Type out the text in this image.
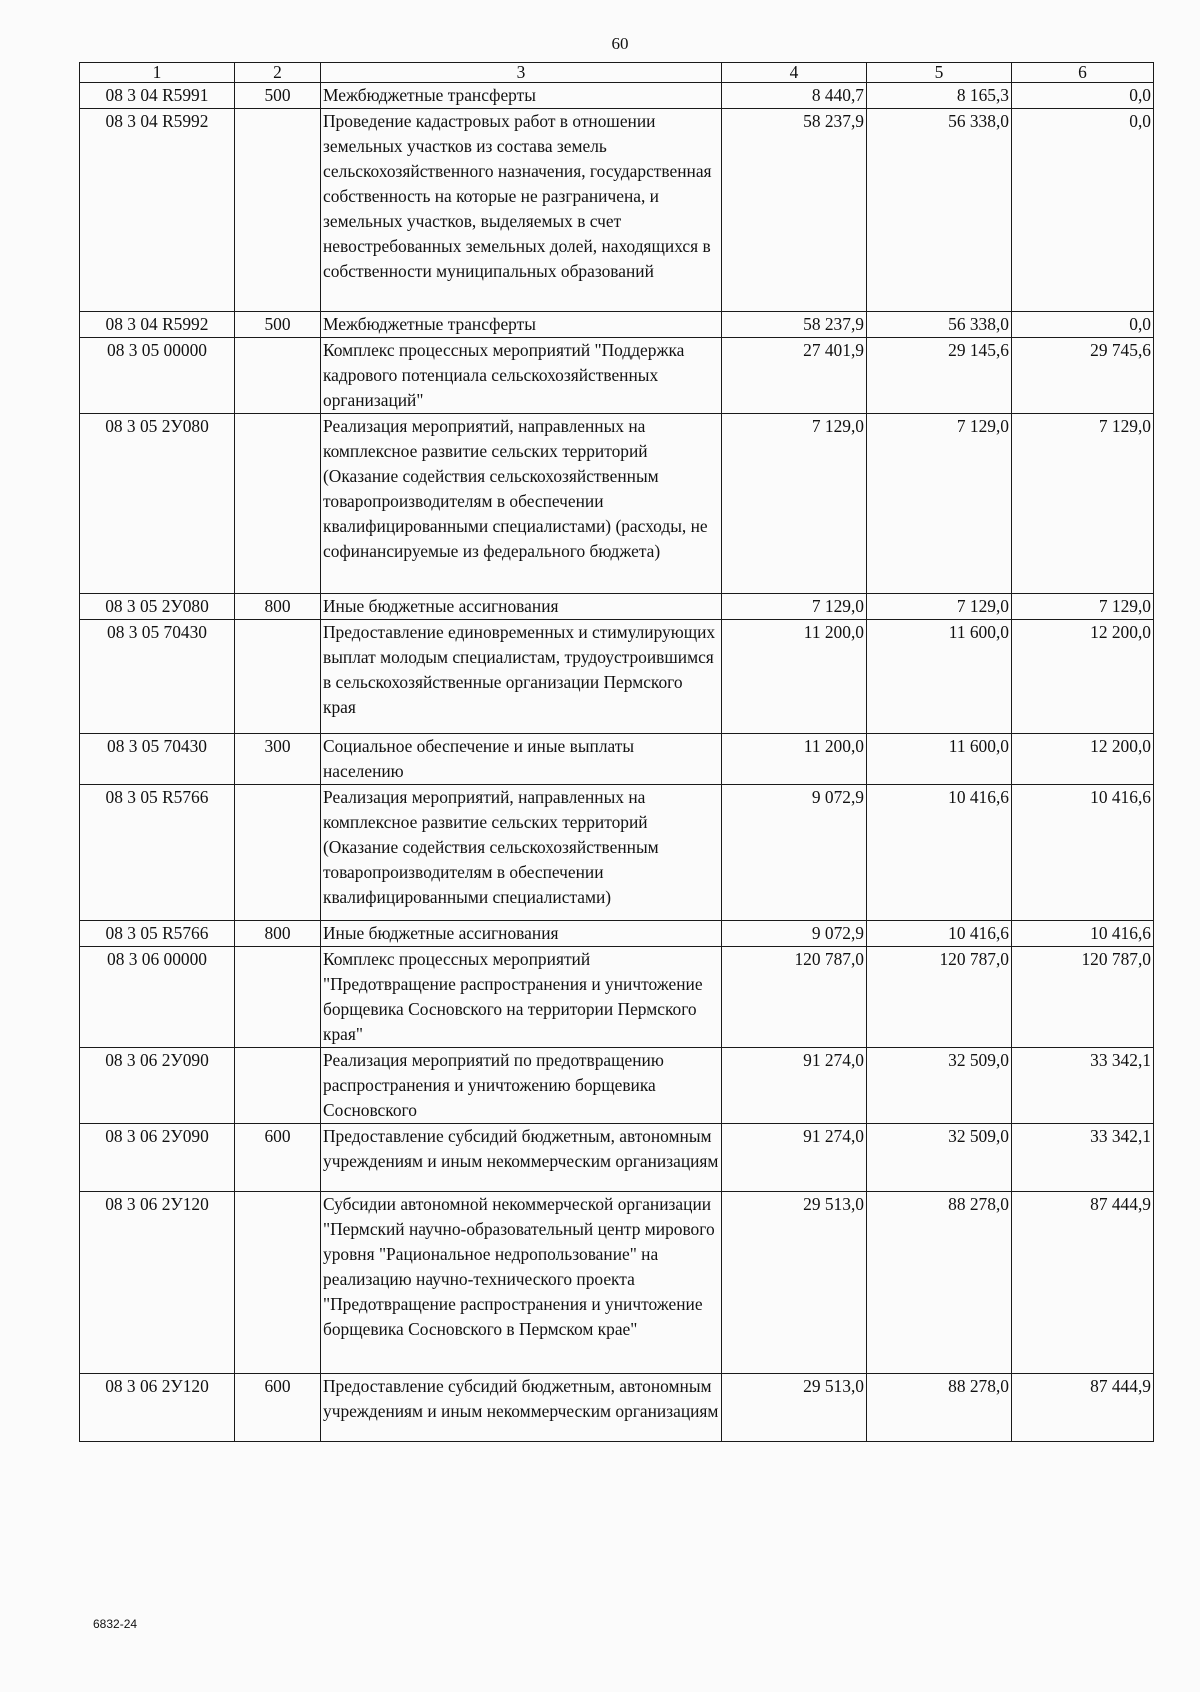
60
1	2	3	4	5	6
08 3 04 R5991	500	Межбюджетные трансферты	8 440,7	8 165,3	0,0
08 3 04 R5992		Проведение кадастровых работ в отношении земельных участков из состава земель сельскохозяйственного назначения, государственная собственность на которые не разграничена, и земельных участков, выделяемых в счет невостребованных земельных долей, находящихся в собственности муниципальных образований	58 237,9	56 338,0	0,0
08 3 04 R5992	500	Межбюджетные трансферты	58 237,9	56 338,0	0,0
08 3 05 00000		Комплекс процессных мероприятий "Поддержка кадрового потенциала сельскохозяйственных организаций"	27 401,9	29 145,6	29 745,6
08 3 05 2У080		Реализация мероприятий, направленных на комплексное развитие сельских территорий (Оказание содействия сельскохозяйственным товаропроизводителям в обеспечении квалифицированными специалистами) (расходы, не софинансируемые из федерального бюджета)	7 129,0	7 129,0	7 129,0
08 3 05 2У080	800	Иные бюджетные ассигнования	7 129,0	7 129,0	7 129,0
08 3 05 70430		Предоставление единовременных и стимулирующих выплат молодым специалистам, трудоустроившимся в сельскохозяйственные организации Пермского края	11 200,0	11 600,0	12 200,0
08 3 05 70430	300	Социальное обеспечение и иные выплаты населению	11 200,0	11 600,0	12 200,0
08 3 05 R5766		Реализация мероприятий, направленных на комплексное развитие сельских территорий (Оказание содействия сельскохозяйственным товаропроизводителям в обеспечении квалифицированными специалистами)	9 072,9	10 416,6	10 416,6
08 3 05 R5766	800	Иные бюджетные ассигнования	9 072,9	10 416,6	10 416,6
08 3 06 00000		Комплекс процессных мероприятий "Предотвращение распространения и уничтожение борщевика Сосновского на территории Пермского края"	120 787,0	120 787,0	120 787,0
08 3 06 2У090		Реализация мероприятий по предотвращению распространения и уничтожению борщевика Сосновского	91 274,0	32 509,0	33 342,1
08 3 06 2У090	600	Предоставление субсидий бюджетным, автономным учреждениям и иным некоммерческим организациям	91 274,0	32 509,0	33 342,1
08 3 06 2У120		Субсидии автономной некоммерческой организации "Пермский научно-образовательный центр мирового уровня "Рациональное недропользование" на реализацию научно-технического проекта "Предотвращение распространения и уничтожение борщевика Сосновского в Пермском крае"	29 513,0	88 278,0	87 444,9
08 3 06 2У120	600	Предоставление субсидий бюджетным, автономным учреждениям и иным некоммерческим организациям	29 513,0	88 278,0	87 444,9
6832-24
